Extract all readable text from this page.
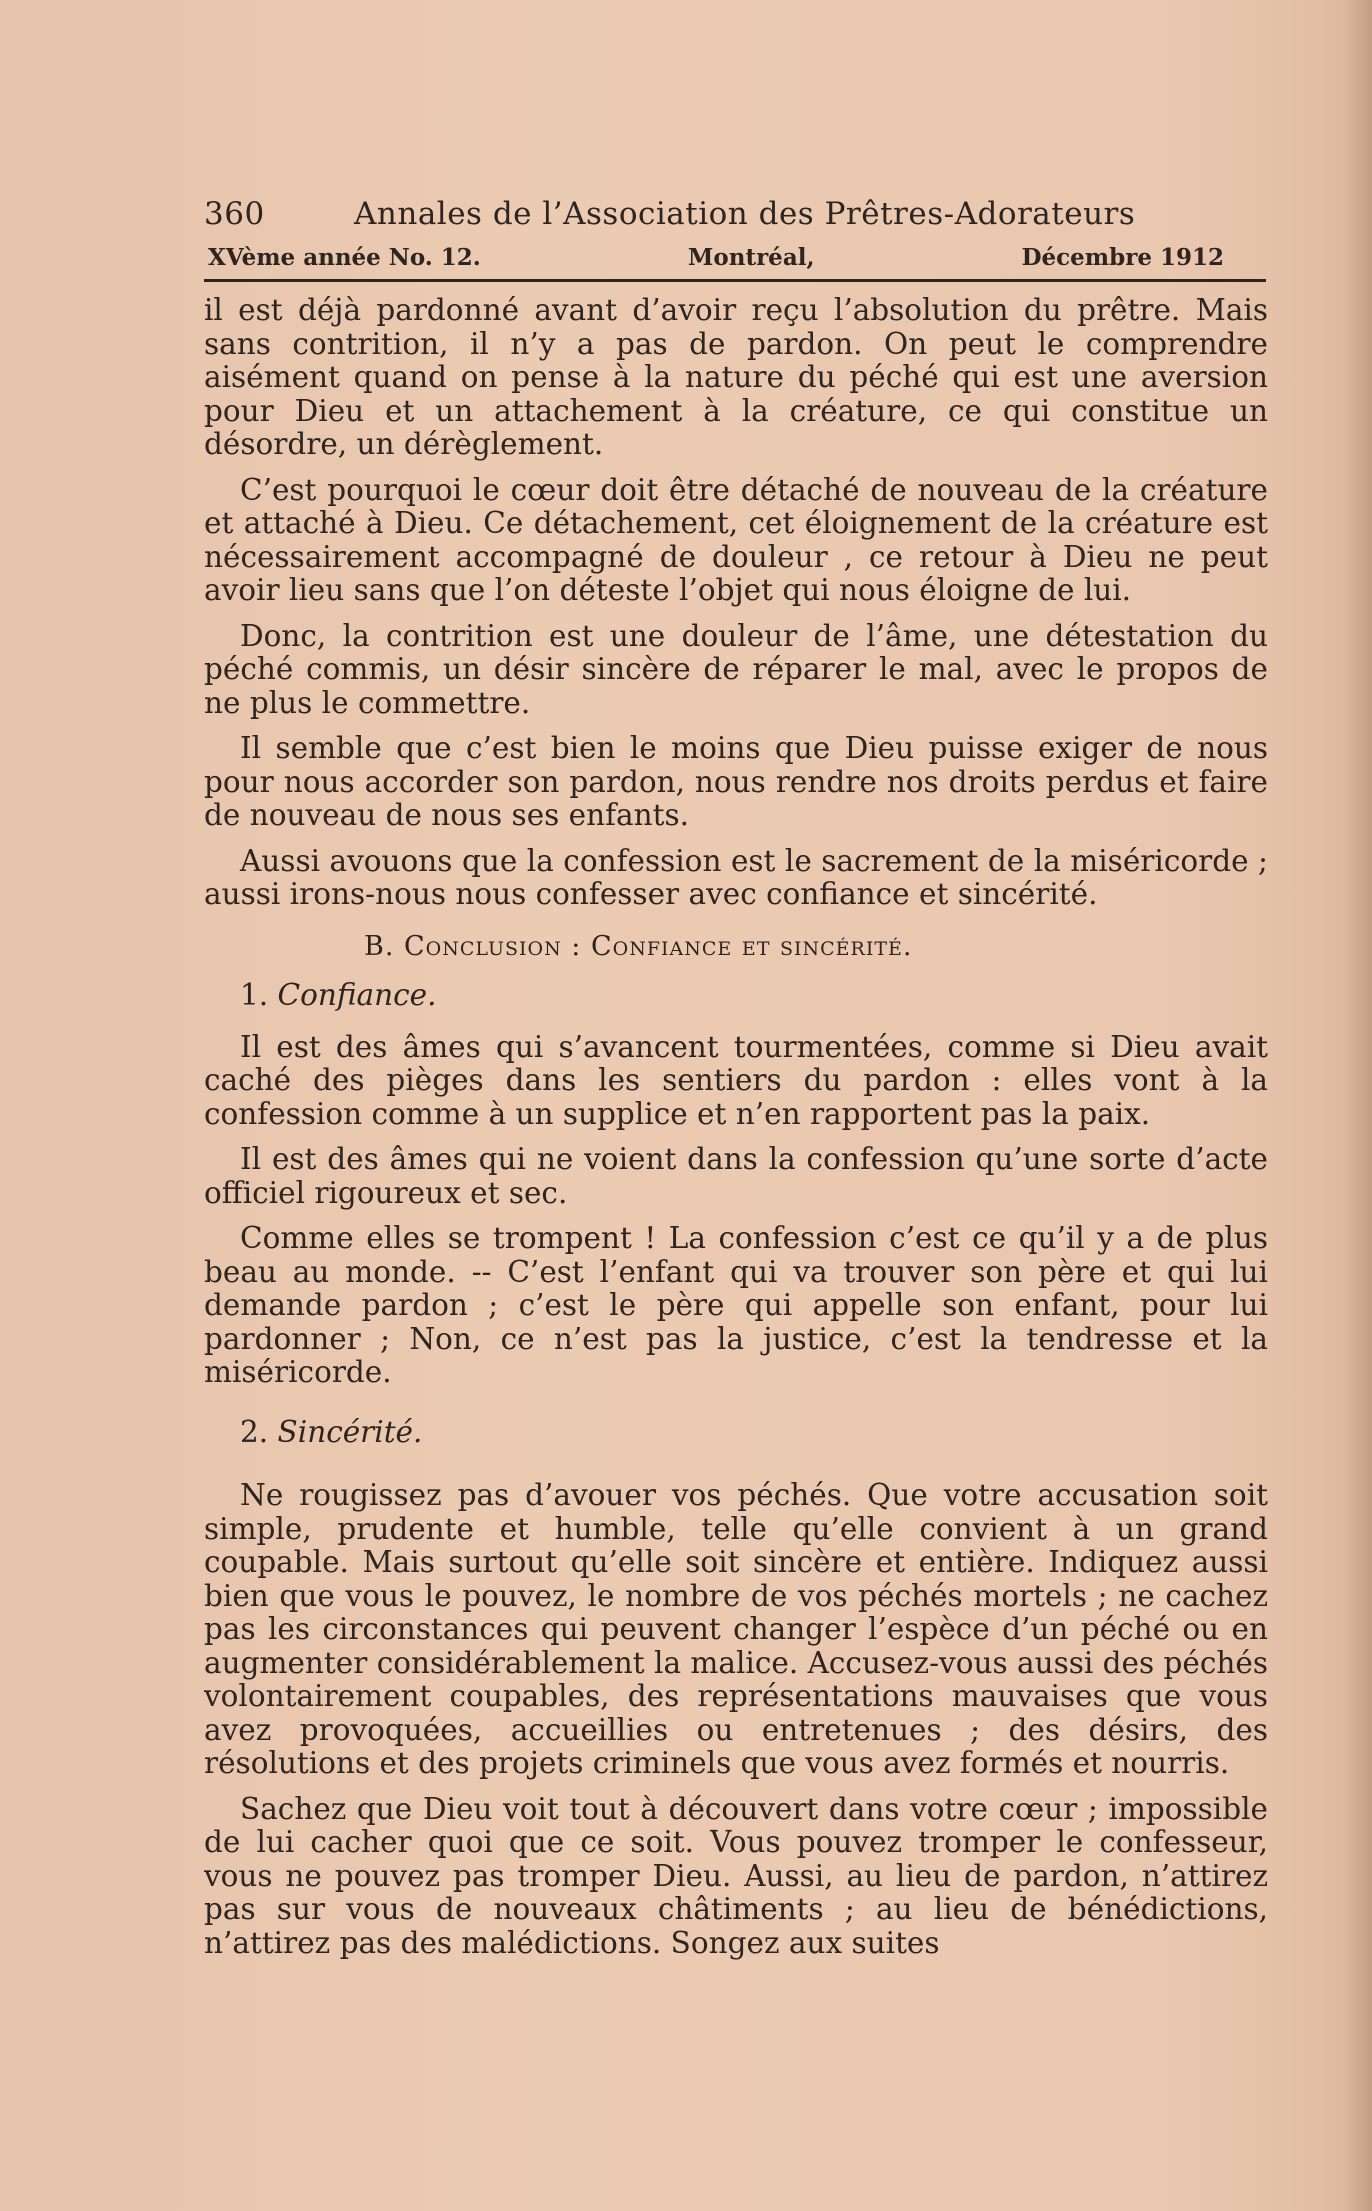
360	Annales de l’Association des Prêtres-Adorateurs
XVème année No. 12.	Montréal,	Décembre 1912

il est déjà pardonné avant d’avoir reçu l’absolution du prêtre. Mais sans contrition, il n’y a pas de pardon. On peut le comprendre aisément quand on pense à la nature du péché qui est une aversion pour Dieu et un attachement à la créature, ce qui constitue un désordre, un dérèglement.

C’est pourquoi le cœur doit être détaché de nouveau de la créature et attaché à Dieu. Ce détachement, cet éloignement de la créature est nécessairement accompagné de douleur , ce retour à Dieu ne peut avoir lieu sans que l’on déteste l’objet qui nous éloigne de lui.

Donc, la contrition est une douleur de l’âme, une détestation du péché commis, un désir sincère de réparer le mal, avec le propos de ne plus le commettre.

Il semble que c’est bien le moins que Dieu puisse exiger de nous pour nous accorder son pardon, nous rendre nos droits perdus et faire de nouveau de nous ses enfants.

Aussi avouons que la confession est le sacrement de la miséricorde ; aussi irons-nous nous confesser avec confiance et sincérité.

B. Conclusion : Confiance et sincérité.
1. Confiance.

Il est des âmes qui s’avancent tourmentées, comme si Dieu avait caché des pièges dans les sentiers du pardon : elles vont à la confession comme à un supplice et n’en rapportent pas la paix.

Il est des âmes qui ne voient dans la confession qu’une sorte d’acte officiel rigoureux et sec.

Comme elles se trompent ! La confession c’est ce qu’il y a de plus beau au monde. -- C’est l’enfant qui va trouver son père et qui lui demande pardon ; c’est le père qui appelle son enfant, pour lui pardonner ; Non, ce n’est pas la justice, c’est la tendresse et la miséricorde.

2. Sincérité.

Ne rougissez pas d’avouer vos péchés. Que votre accusation soit simple, prudente et humble, telle qu’elle convient à un grand coupable. Mais surtout qu’elle soit sincère et entière. Indiquez aussi bien que vous le pouvez, le nombre de vos péchés mortels ; ne cachez pas les circonstances qui peuvent changer l’espèce d’un péché ou en augmenter considérablement la malice. Accusez-vous aussi des péchés volontairement coupables, des représentations mauvaises que vous avez provoquées, accueillies ou entretenues ; des désirs, des résolutions et des projets criminels que vous avez formés et nourris.

Sachez que Dieu voit tout à découvert dans votre cœur ; impossible de lui cacher quoi que ce soit. Vous pouvez tromper le confesseur, vous ne pouvez pas tromper Dieu. Aussi, au lieu de pardon, n’attirez pas sur vous de nouveaux châtiments ; au lieu de bénédictions, n’attirez pas des malédictions. Songez aux suites
